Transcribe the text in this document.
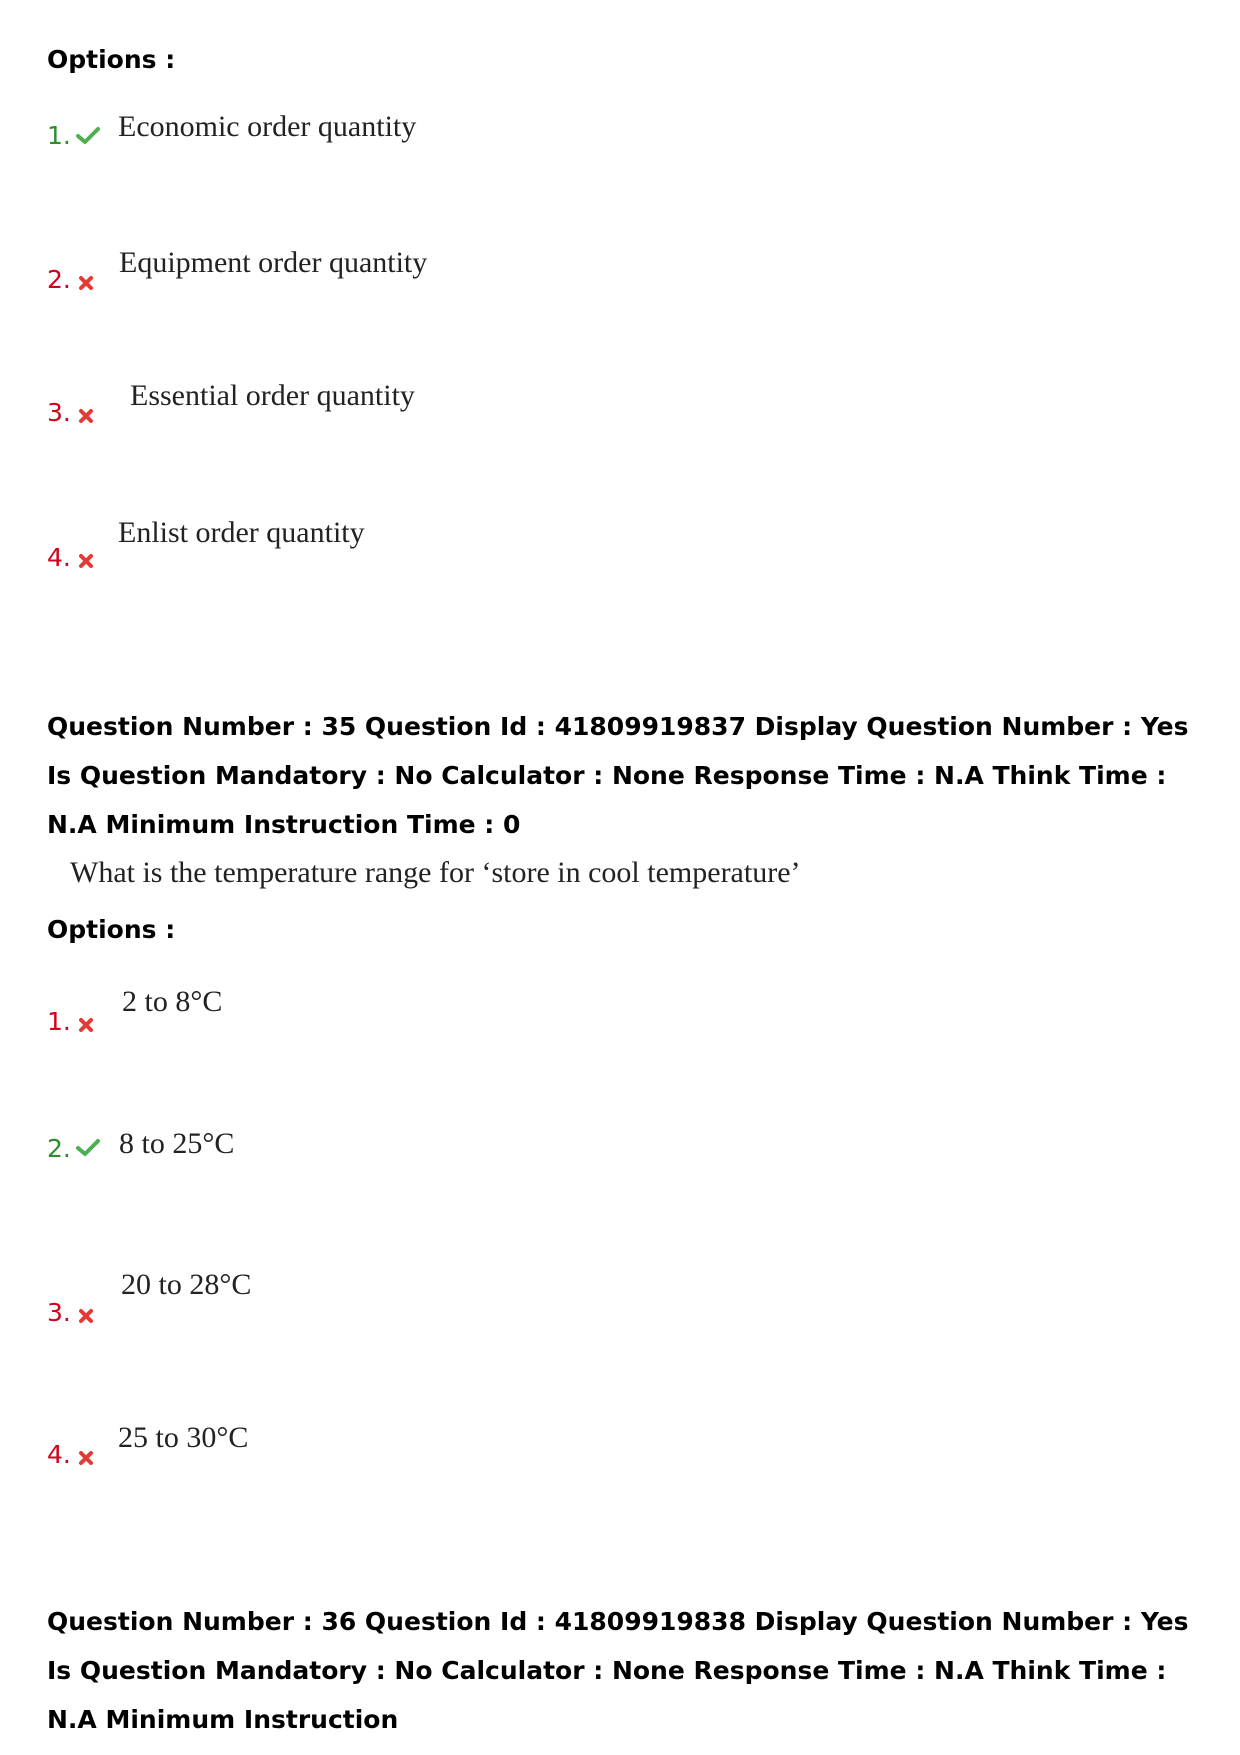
Options :
1. Economic order quantity
2.
Equipment order quantity
3.
Essential order quantity
4.
Enlist order quantity
Question Number : 35 Question Id : 41809919837 Display Question Number : Yes Is Question Mandatory : No Calculator : None Response Time : N.A Think Time : N.A Minimum Instruction Time : 0
What is the temperature range for ‘store in cool temperature’
Options :
1.
2 to 8°C
2. 8 to 25°C
3.
20 to 28°C
4.
25 to 30°C
Question Number : 36 Question Id : 41809919838 Display Question Number : Yes Is Question Mandatory : No Calculator : None Response Time : N.A Think Time : N.A Minimum Instruction
